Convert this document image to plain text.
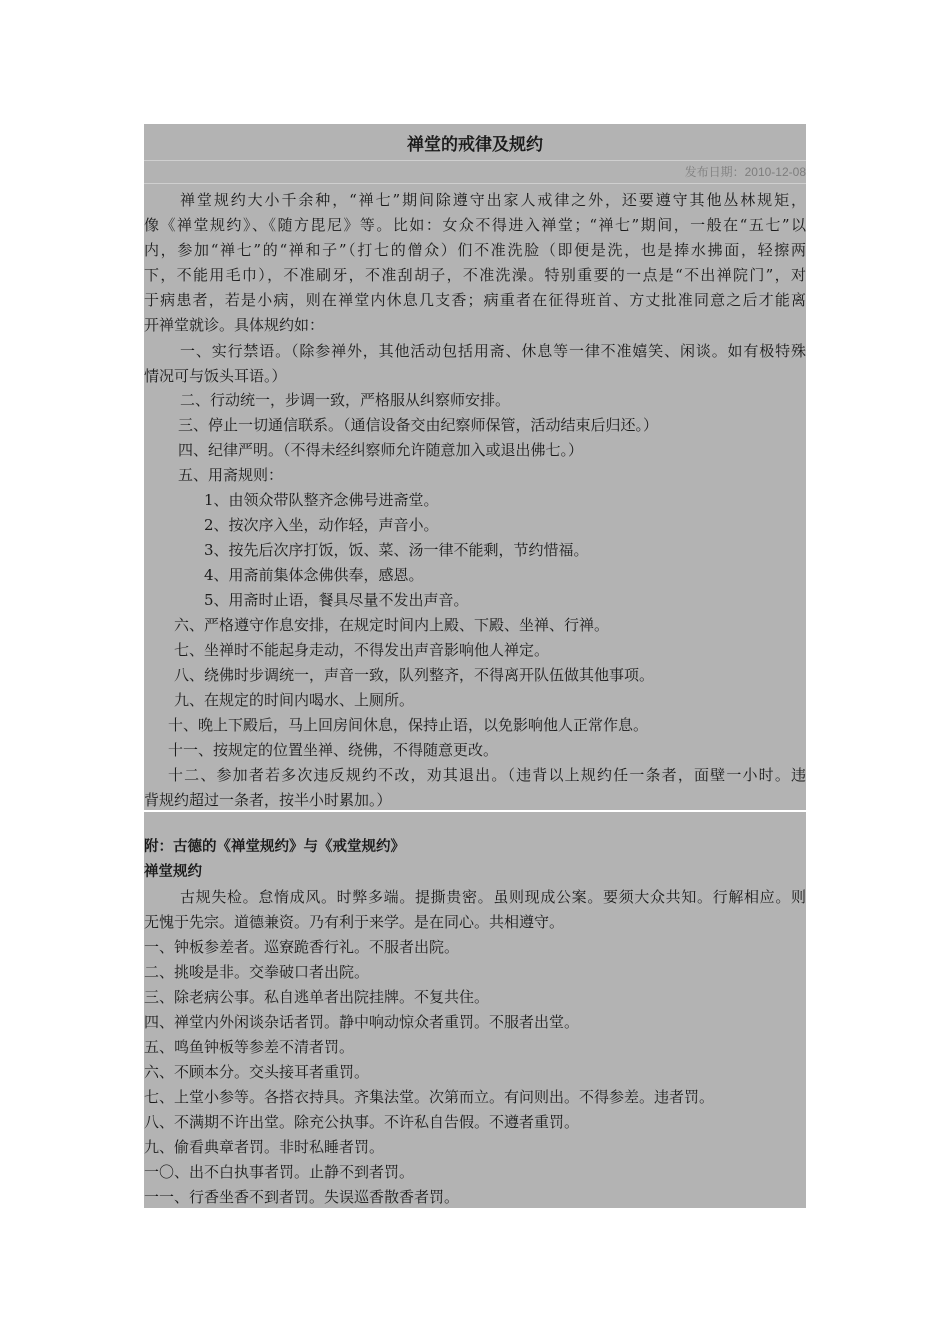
禅堂的戒律及规约
发布日期：2010-12-08
禅堂规约大小千余种，“禅七”期间除遵守出家人戒律之外，还要遵守其他丛林规矩，
像《禅堂规约》、《随方毘尼》等。比如：女众不得进入禅堂；“禅七”期间，一般在“五七”以
内，参加“禅七”的“禅和子”（打七的僧众）们不准洗脸（即便是洗，也是捧水拂面，轻擦两
下，不能用毛巾），不准刷牙，不准刮胡子，不准洗澡。特别重要的一点是“不出禅院门”，对
于病患者，若是小病，则在禅堂内休息几支香；病重者在征得班首、方丈批准同意之后才能离
开禅堂就诊。具体规约如：
一、实行禁语。（除参禅外，其他活动包括用斋、休息等一律不准嬉笑、闲谈。如有极特殊
情况可与饭头耳语。）
二、行动统一，步调一致，严格服从纠察师安排。
三、停止一切通信联系。（通信设备交由纪察师保管，活动结束后归还。）
四、纪律严明。（不得未经纠察师允许随意加入或退出佛七。）
五、用斋规则：
1、由领众带队整齐念佛号进斋堂。
2、按次序入坐，动作轻，声音小。
3、按先后次序打饭，饭、菜、汤一律不能剩，节约惜福。
4、用斋前集体念佛供奉，感恩。
5、用斋时止语，餐具尽量不发出声音。
六、严格遵守作息安排，在规定时间内上殿、下殿、坐禅、行禅。
七、坐禅时不能起身走动，不得发出声音影响他人禅定。
八、绕佛时步调统一，声音一致，队列整齐，不得离开队伍做其他事项。
九、在规定的时间内喝水、上厕所。
十、晚上下殿后，马上回房间休息，保持止语，以免影响他人正常作息。
十一、按规定的位置坐禅、绕佛，不得随意更改。
十二、参加者若多次违反规约不改，劝其退出。（违背以上规约任一条者，面壁一小时。违
背规约超过一条者，按半小时累加。）
附：古德的《禅堂规约》与《戒堂规约》
禅堂规约
古规失检。怠惰成风。时弊多端。提撕贵密。虽则现成公案。要须大众共知。行解相应。则
无愧于先宗。道德兼资。乃有利于来学。是在同心。共相遵守。
一、钟板参差者。巡寮跪香行礼。不服者出院。
二、挑唆是非。交拳破口者出院。
三、除老病公事。私自逃单者出院挂牌。不复共住。
四、禅堂内外闲谈杂话者罚。静中响动惊众者重罚。不服者出堂。
五、鸣鱼钟板等参差不清者罚。
六、不顾本分。交头接耳者重罚。
七、上堂小参等。各搭衣持具。齐集法堂。次第而立。有问则出。不得参差。违者罚。
八、不满期不许出堂。除充公执事。不许私自告假。不遵者重罚。
九、偷看典章者罚。非时私睡者罚。
一〇、出不白执事者罚。止静不到者罚。
一一、行香坐香不到者罚。失误巡香散香者罚。
